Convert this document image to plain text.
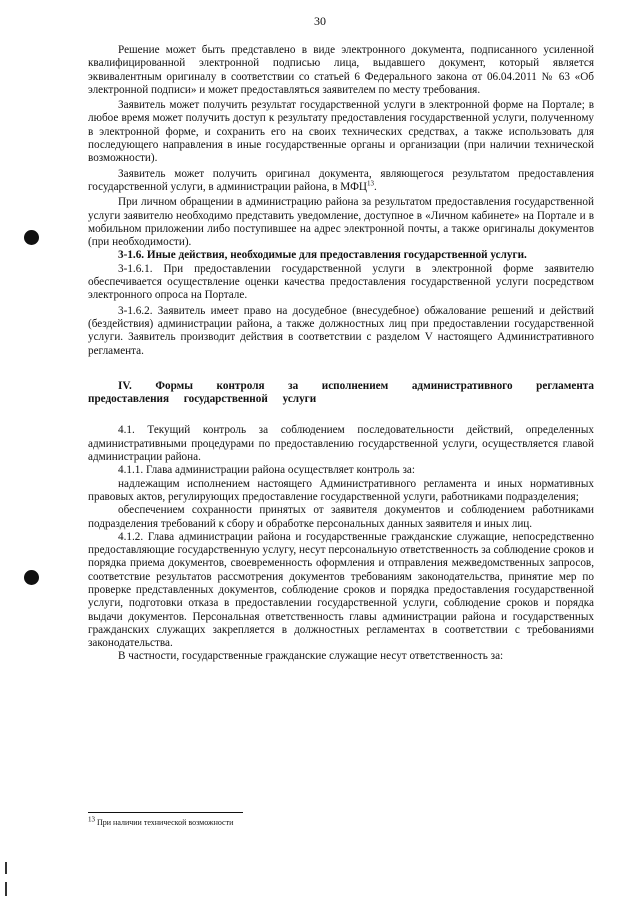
30

Решение может быть представлено в виде электронного документа, подписанного усиленной квалифицированной электронной подписью лица, выдавшего документ, который является эквивалентным оригиналу в соответствии со статьей 6 Федерального закона от 06.04.2011 № 63 «Об электронной подписи» и может предоставляться заявителем по месту требования.

Заявитель может получить результат государственной услуги в электронной форме на Портале; в любое время может получить доступ к результату предоставления государственной услуги, полученному в электронной форме, и сохранить его на своих технических средствах, а также использовать для последующего направления в иные государственные органы и организации (при наличии технической возможности).

Заявитель может получить оригинал документа, являющегося результатом предоставления государственной услуги, в администрации района, в МФЦ$^{13}$.

При личном обращении в администрацию района за результатом предоставления государственной услуги заявителю необходимо представить уведомление, доступное в «Личном кабинете» на Портале и в мобильном приложении либо поступившее на адрес электронной почты, а также оригиналы документов (при необходимости).

3-1.6. Иные действия, необходимые для предоставления государственной услуги.

3-1.6.1. При предоставлении государственной услуги в электронной форме заявителю обеспечивается осуществление оценки качества предоставления государственной услуги посредством электронного опроса на Портале.

3-1.6.2. Заявитель имеет право на досудебное (внесудебное) обжалование решений и действий (бездействия) администрации района, а также должностных лиц при предоставлении государственной услуги. Заявитель производит действия в соответствии с разделом V настоящего Административного регламента.

IV. Формы контроля за исполнением административного регламента предоставления государственной услуги

4.1. Текущий контроль за соблюдением последовательности действий, определенных административными процедурами по предоставлению государственной услуги, осуществляется главой администрации района.

4.1.1. Глава администрации района осуществляет контроль за:

надлежащим исполнением настоящего Административного регламента и иных нормативных правовых актов, регулирующих предоставление государственной услуги, работниками подразделения;

обеспечением сохранности принятых от заявителя документов и соблюдением работниками подразделения требований к сбору и обработке персональных данных заявителя и иных лиц.

4.1.2. Глава администрации района и государственные гражданские служащие, непосредственно предоставляющие государственную услугу, несут персональную ответственность за соблюдение сроков и порядка приема документов, своевременность оформления и отправления межведомственных запросов, соответствие результатов рассмотрения документов требованиям законодательства, принятие мер по проверке представленных документов, соблюдение сроков и порядка предоставления государственной услуги, подготовки отказа в предоставлении государственной услуги, соблюдение сроков и порядка выдачи документов. Персональная ответственность главы администрации района и государственных гражданских служащих закрепляется в должностных регламентах в соответствии с требованиями законодательства.

В частности, государственные гражданские служащие несут ответственность за:

$^{13}$ При наличии технической возможности
